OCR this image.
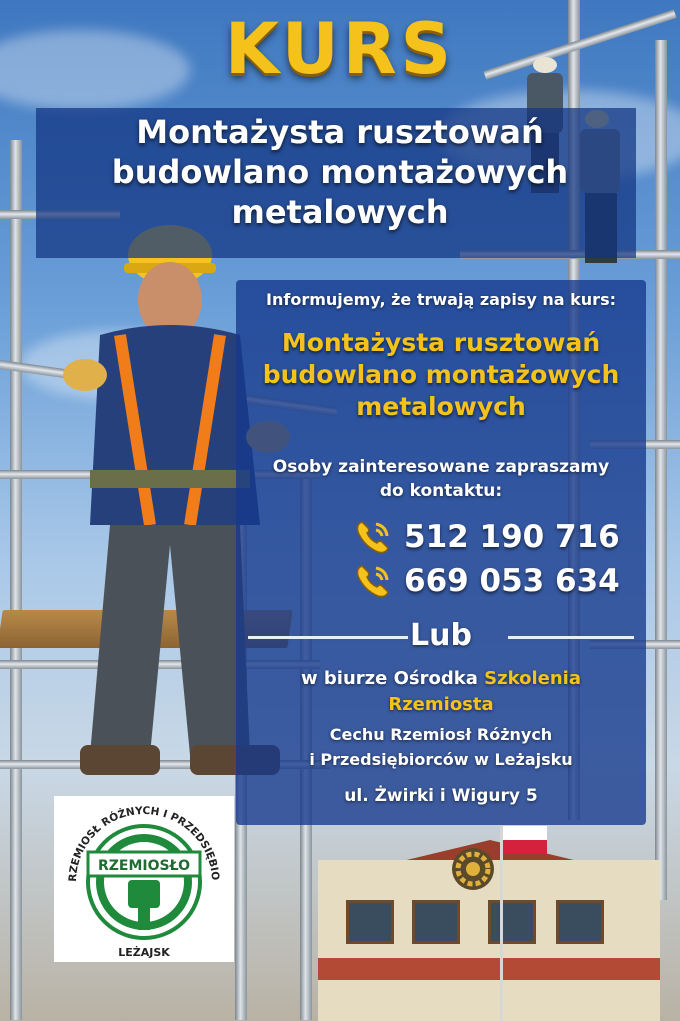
KURS
Montażysta rusztowań
budowlano montażowych
metalowych
Informujemy, że trwają zapisy na kurs:
Montażysta rusztowań
budowlano montażowych
metalowych
Osoby zainteresowane zapraszamy
do kontaktu:
512 190 716
669 053 634
Lub
w biurze Ośrodka Szkolenia
Rzemiosta
Cechu Rzemiosł Różnych
i Przedsiębiorców w Leżajsku
ul. Żwirki i Wigury 5
RZEMIOSŁO
RZEMIOSŁ RÓŻNYCH I PRZEDSIĘBIO
LEŻAJSK
